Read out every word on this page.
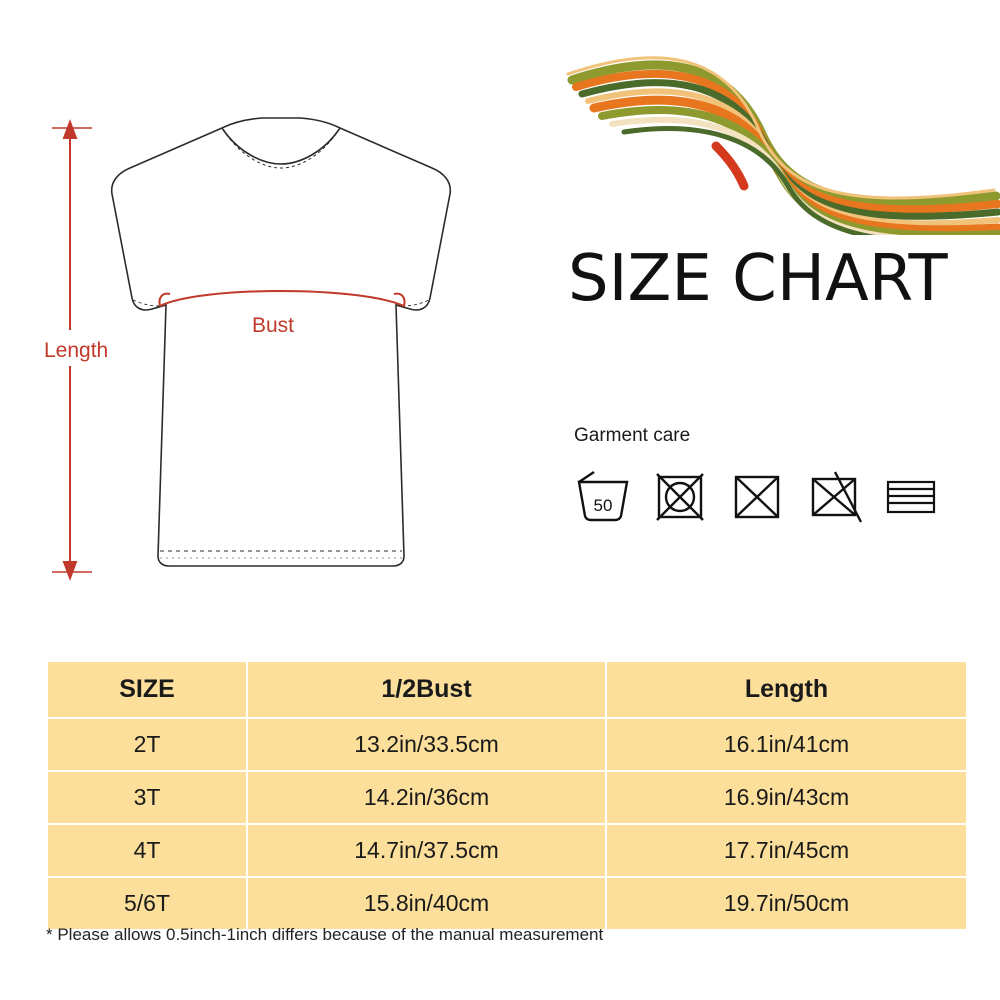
Length
Bust
SIZE CHART
Garment care
50
SIZE	1/2Bust	Length
2T	13.2in/33.5cm	16.1in/41cm
3T	14.2in/36cm	16.9in/43cm
4T	14.7in/37.5cm	17.7in/45cm
5/6T	15.8in/40cm	19.7in/50cm
* Please allows 0.5inch-1inch differs because of the manual measurement
